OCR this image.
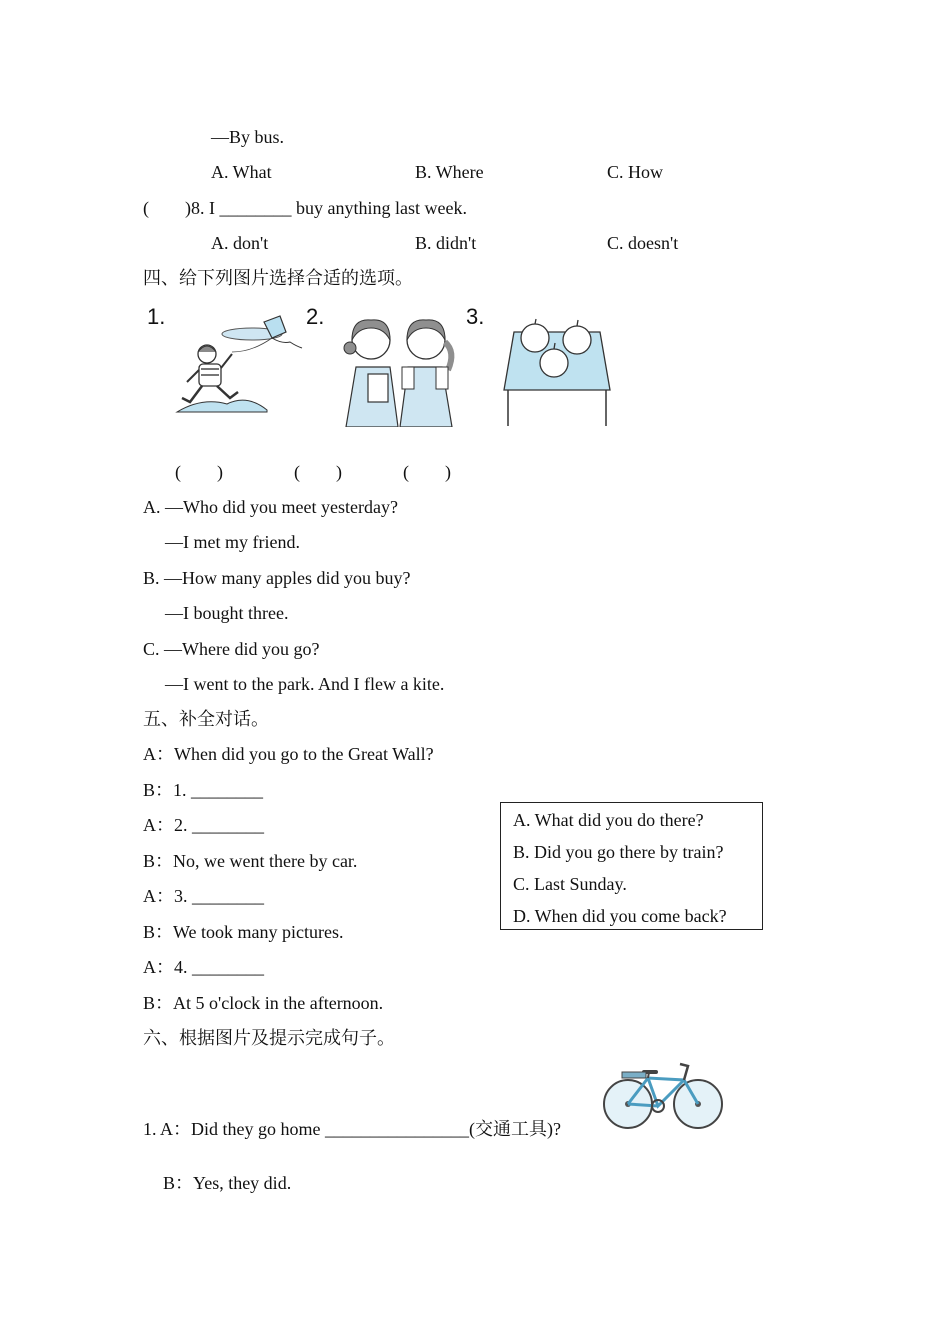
—By bus.
A. What	B. Where	C. How
(　　)8. I ________ buy anything last week.
A. don't	B. didn't	C. doesn't
四、给下列图片选择合适的选项。
1.	2.	3.
(　　)	(　　)	(　　)
A. —Who did you meet yesterday?
—I met my friend.
B. —How many apples did you buy?
—I bought three.
C. —Where did you go?
—I went to the park. And I flew a kite.
五、补全对话。
A：When did you go to the Great Wall?
B：1. ________
A：2. ________
B：No, we went there by car.
A：3. ________
B：We took many pictures.
A：4. ________
B：At 5 o'clock in the afternoon.
A. What did you do there?
B. Did you go there by train?
C. Last Sunday.
D. When did you come back?
六、根据图片及提示完成句子。
1. A：Did they go home ________________(交通工具)?
B：Yes, they did.
